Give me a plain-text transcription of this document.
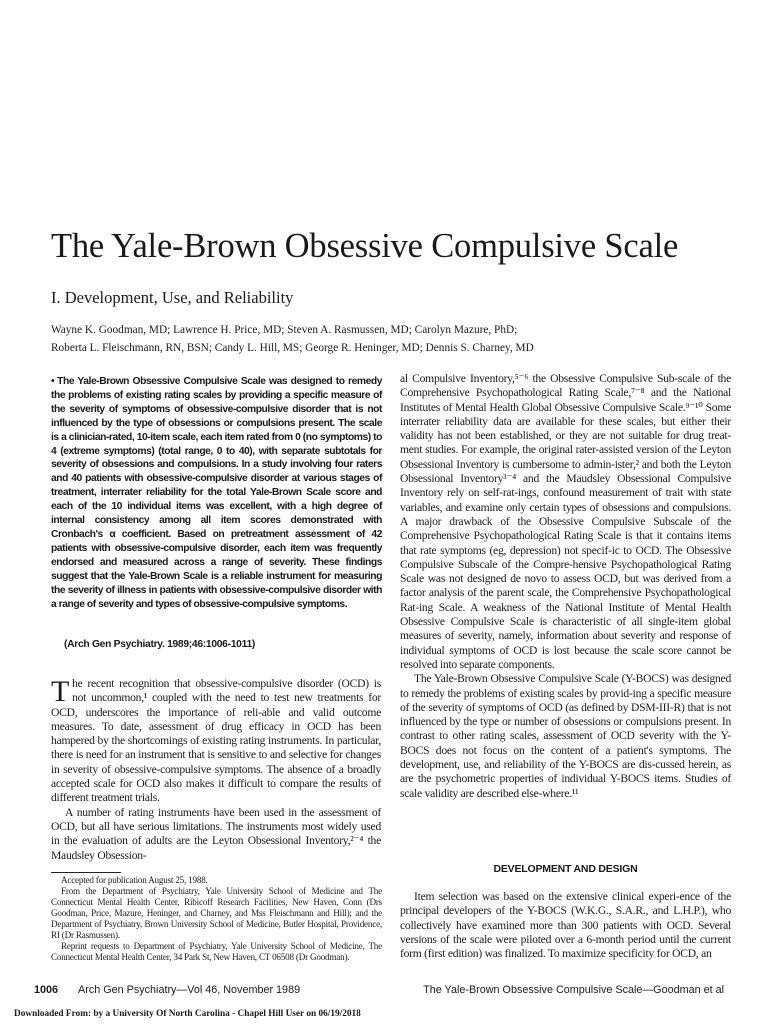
The Yale-Brown Obsessive Compulsive Scale
I. Development, Use, and Reliability
Wayne K. Goodman, MD; Lawrence H. Price, MD; Steven A. Rasmussen, MD; Carolyn Mazure, PhD;
Roberta L. Fleischmann, RN, BSN; Candy L. Hill, MS; George R. Heninger, MD; Dennis S. Charney, MD

• The Yale-Brown Obsessive Compulsive Scale was designed to remedy the problems of existing rating scales by providing a specific measure of the severity of symptoms of obsessive-compulsive disorder that is not influenced by the type of obsessions or compulsions present. The scale is a clinician-rated, 10-item scale, each item rated from 0 (no symptoms) to 4 (extreme symptoms) (total range, 0 to 40), with separate subtotals for severity of obsessions and compulsions. In a study involving four raters and 40 patients with obsessive-compulsive disorder at various stages of treatment, interrater reliability for the total Yale-Brown Scale score and each of the 10 individual items was excellent, with a high degree of internal consistency among all item scores demonstrated with Cronbach's α coefficient. Based on pretreatment assessment of 42 patients with obsessive-compulsive disorder, each item was frequently endorsed and measured across a range of severity. These findings suggest that the Yale-Brown Scale is a reliable instrument for measuring the severity of illness in patients with obsessive-compulsive disorder with a range of severity and types of obsessive-compulsive symptoms.

(Arch Gen Psychiatry. 1989;46:1006-1011)

The recent recognition that obsessive-compulsive disorder (OCD) is not uncommon,¹ coupled with the need to test new treatments for OCD, underscores the importance of reli-able and valid outcome measures. To date, assessment of drug efficacy in OCD has been hampered by the shortcomings of existing rating instruments. In particular, there is need for an instrument that is sensitive to and selective for changes in severity of obsessive-compulsive symptoms. The absence of a broadly accepted scale for OCD also makes it difficult to compare the results of different treatment trials.

A number of rating instruments have been used in the assessment of OCD, but all have serious limitations. The instruments most widely used in the evaluation of adults are the Leyton Obsessional Inventory,²⁻⁴ the Maudsley Obsession-

Accepted for publication August 25, 1988.

From the Department of Psychiatry, Yale University School of Medicine and The Connecticut Mental Health Center, Ribicoff Research Facilities, New Haven, Conn (Drs Goodman, Price, Mazure, Heninger, and Charney, and Mss Fleischmann and Hill); and the Department of Psychiatry, Brown University School of Medicine, Butler Hospital, Providence, RI (Dr Rasmussen).

Reprint requests to Department of Psychiatry, Yale University School of Medicine, The Connecticut Mental Health Center, 34 Park St, New Haven, CT 06508 (Dr Goodman).

al Compulsive Inventory,⁵⁻⁶ the Obsessive Compulsive Sub-scale of the Comprehensive Psychopathological Rating Scale,⁷⁻⁸ and the National Institutes of Mental Health Global Obsessive Compulsive Scale.⁹⁻¹⁰ Some interrater reliability data are available for these scales, but either their validity has not been established, or they are not suitable for drug treat-ment studies. For example, the original rater-assisted version of the Leyton Obsessional Inventory is cumbersome to admin-ister,² and both the Leyton Obsessional Inventory³⁻⁴ and the Maudsley Obsessional Compulsive Inventory rely on self-rat-ings, confound measurement of trait with state variables, and examine only certain types of obsessions and compulsions. A major drawback of the Obsessive Compulsive Subscale of the Comprehensive Psychopathological Rating Scale is that it contains items that rate symptoms (eg, depression) not specif-ic to OCD. The Obsessive Compulsive Subscale of the Compre-hensive Psychopathological Rating Scale was not designed de novo to assess OCD, but was derived from a factor analysis of the parent scale, the Comprehensive Psychopathological Rat-ing Scale. A weakness of the National Institute of Mental Health Obsessive Compulsive Scale is characteristic of all single-item global measures of severity, namely, information about severity and response of individual symptoms of OCD is lost because the scale score cannot be resolved into separate components.

The Yale-Brown Obsessive Compulsive Scale (Y-BOCS) was designed to remedy the problems of existing scales by provid-ing a specific measure of the severity of symptoms of OCD (as defined by DSM-III-R) that is not influenced by the type or number of obsessions or compulsions present. In contrast to other rating scales, assessment of OCD severity with the Y-BOCS does not focus on the content of a patient's symptoms. The development, use, and reliability of the Y-BOCS are dis-cussed herein, as are the psychometric properties of individual Y-BOCS items. Studies of scale validity are described else-where.¹¹

DEVELOPMENT AND DESIGN

Item selection was based on the extensive clinical experi-ence of the principal developers of the Y-BOCS (W.K.G., S.A.R., and L.H.P.), who collectively have examined more than 300 patients with OCD. Several versions of the scale were piloted over a 6-month period until the current form (first edition) was finalized. To maximize specificity for OCD, an

1006 Arch Gen Psychiatry—Vol 46, November 1989	The Yale-Brown Obsessive Compulsive Scale—Goodman et al
Downloaded From: by a University Of North Carolina - Chapel Hill User on 06/19/2018
